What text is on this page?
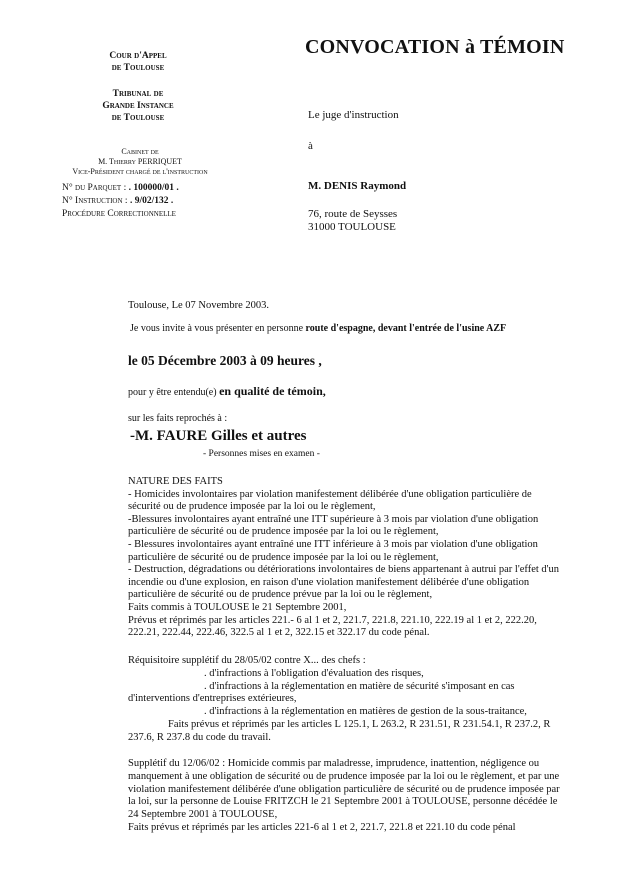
Cour d'Appel
de Toulouse
Tribunal de
Grande Instance
de Toulouse
Cabinet de
M. Thierry PERRIQUET
Vice-Président chargé de l'instruction
N° du Parquet : . 100000/01 .
N° Instruction : . 9/02/132 .
Procédure Correctionnelle
CONVOCATION à TÉMOIN
Le juge d'instruction
à
M. DENIS Raymond
76, route de Seysses
31000 TOULOUSE
Toulouse, Le 07 Novembre 2003.
Je vous invite à vous présenter en personne route d'espagne, devant l'entrée de l'usine AZF
le 05 Décembre 2003 à 09 heures ,
pour y être entendu(e) en qualité de témoin,
sur les faits reprochés à :
-M. FAURE Gilles et autres
- Personnes mises en examen -

NATURE DES FAITS

- Homicides involontaires par violation manifestement délibérée d'une obligation particulière de

sécurité ou de prudence imposée par la loi ou le règlement,

-Blessures involontaires ayant entraîné une ITT supérieure à 3 mois par violation d'une obligation

particulière de sécurité ou de prudence imposée par la loi ou le règlement,

- Blessures involontaires ayant entraîné une ITT inférieure à 3 mois par violation d'une obligation

particulière de sécurité ou de prudence imposée par la loi ou le règlement,

- Destruction, dégradations ou détériorations involontaires de biens appartenant à autrui par l'effet d'un

incendie ou d'une explosion, en raison d'une violation manifestement délibérée d'une obligation

particulière de sécurité ou de prudence prévue par la loi ou le règlement,

Faits commis à TOULOUSE le 21 Septembre 2001,

Prévus et réprimés par les articles 221.- 6 al 1 et 2, 221.7, 221.8, 221.10, 222.19 al 1 et 2, 222.20,

222.21, 222.44, 222.46, 322.5 al 1 et 2, 322.15 et 322.17 du code pénal.

Réquisitoire supplétif du 28/05/02 contre X... des chefs :

. d'infractions à l'obligation d'évaluation des risques,

. d'infractions à la réglementation en matière de sécurité s'imposant en cas

d'interventions d'entreprises extérieures,

. d'infractions à la réglementation en matières de gestion de la sous-traitance,

Faits prévus et réprimés par les articles L 125.1, L 263.2, R 231.51, R 231.54.1, R 237.2, R

237.6, R 237.8 du code du travail.

Supplétif du 12/06/02 : Homicide commis par maladresse, imprudence, inattention, négligence ou

manquement à une obligation de sécurité ou de prudence imposée par la loi ou le règlement, et par une

violation manifestement délibérée d'une obligation particulière de sécurité ou de prudence imposée par

la loi, sur la personne de Louise FRITZCH le 21 Septembre 2001 à TOULOUSE, personne décédée le

24 Septembre 2001 à TOULOUSE,

Faits prévus et réprimés par les articles 221-6 al 1 et 2, 221.7, 221.8 et 221.10 du code pénal
